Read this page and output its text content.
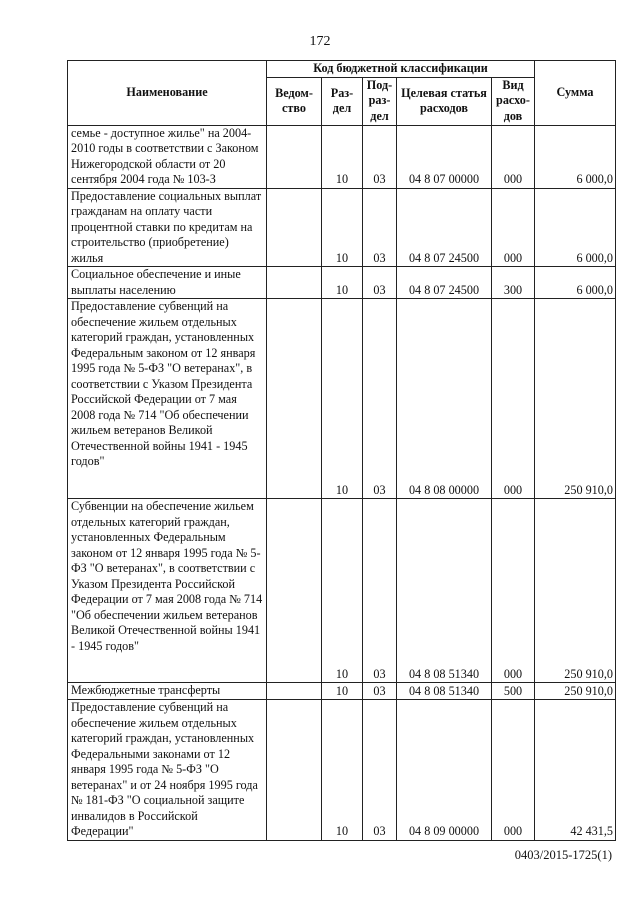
172
Наименование	Код бюджетной классификации					Сумма
	Ведом-ство	Раз-дел	Под-раз-дел	Целевая статья расходов	Вид расхо-дов	
семье - доступное жилье" на 2004-2010 годы в соответствии с Законом Нижегородской области от 20 сентября 2004 года № 103-З		10	03	04 8 07 00000	000	6 000,0
Предоставление социальных выплат гражданам на оплату части процентной ставки по кредитам на строительство (приобретение) жилья		10	03	04 8 07 24500	000	6 000,0
Социальное обеспечение и иные выплаты населению		10	03	04 8 07 24500	300	6 000,0
Предоставление субвенций на обеспечение жильем отдельных категорий граждан, установленных Федеральным законом от 12 января 1995 года № 5-ФЗ "О ветеранах", в соответствии с Указом Президента Российской Федерации от 7 мая 2008 года № 714 "Об обеспечении жильем ветеранов Великой Отечественной войны 1941 - 1945 годов"		10	03	04 8 08 00000	000	250 910,0
Субвенции на обеспечение жильем отдельных категорий граждан, установленных Федеральным законом от 12 января 1995 года № 5-ФЗ "О ветеранах", в соответствии с Указом Президента Российской Федерации от 7 мая 2008 года № 714 "Об обеспечении жильем ветеранов Великой Отечественной войны 1941 - 1945 годов"		10	03	04 8 08 51340	000	250 910,0
Межбюджетные трансферты		10	03	04 8 08 51340	500	250 910,0
Предоставление субвенций на обеспечение жильем отдельных категорий граждан, установленных Федеральными законами от 12 января 1995 года № 5-ФЗ "О ветеранах" и от 24 ноября 1995 года № 181-ФЗ "О социальной защите инвалидов в Российской Федерации"		10	03	04 8 09 00000	000	42 431,5
0403/2015-1725(1)
